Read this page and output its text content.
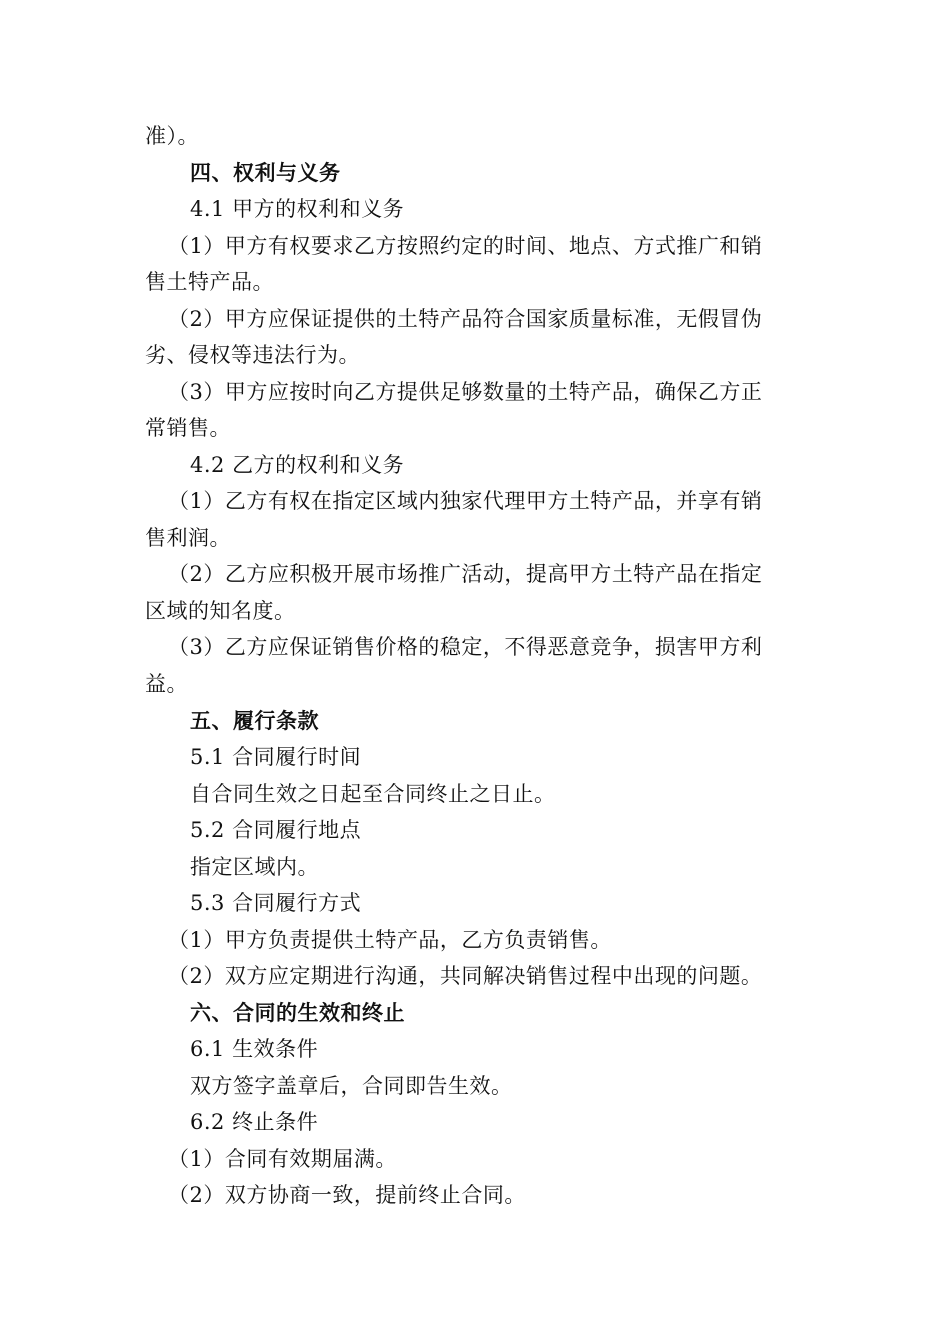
准）。
四、权利与义务
4.1 甲方的权利和义务
（1）甲方有权要求乙方按照约定的时间、地点、方式推广和销
售土特产品。
（2）甲方应保证提供的土特产品符合国家质量标准，无假冒伪
劣、侵权等违法行为。
（3）甲方应按时向乙方提供足够数量的土特产品，确保乙方正
常销售。
4.2 乙方的权利和义务
（1）乙方有权在指定区域内独家代理甲方土特产品，并享有销
售利润。
（2）乙方应积极开展市场推广活动，提高甲方土特产品在指定
区域的知名度。
（3）乙方应保证销售价格的稳定，不得恶意竞争，损害甲方利
益。
五、履行条款
5.1 合同履行时间
自合同生效之日起至合同终止之日止。
5.2 合同履行地点
指定区域内。
5.3 合同履行方式
（1）甲方负责提供土特产品，乙方负责销售。
（2）双方应定期进行沟通，共同解决销售过程中出现的问题。
六、合同的生效和终止
6.1 生效条件
双方签字盖章后，合同即告生效。
6.2 终止条件
（1）合同有效期届满。
（2）双方协商一致，提前终止合同。
